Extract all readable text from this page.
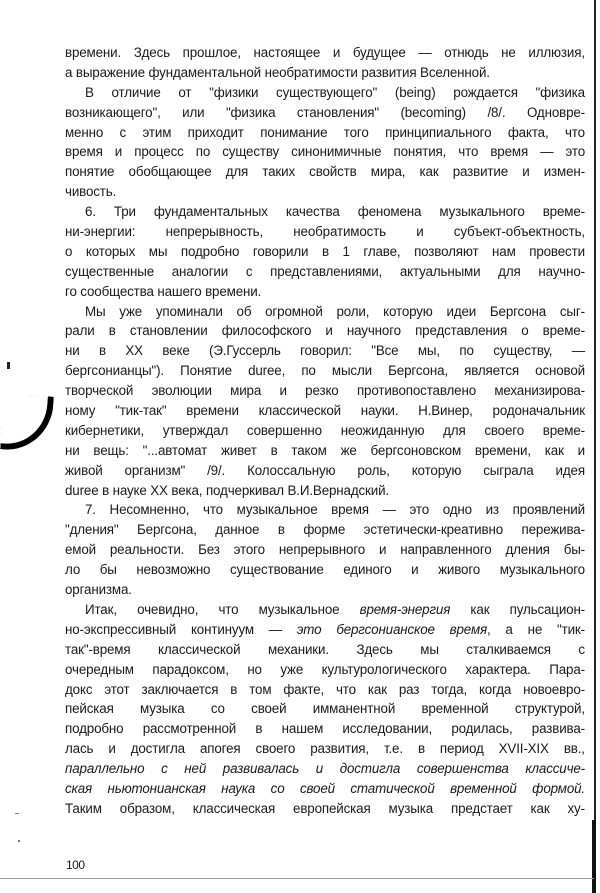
времени. Здесь прошлое, настоящее и будущее — отнюдь не иллюзия,
а выражение фундаментальной необратимости развития Вселенной.
В отличие от "физики существующего" (being) рождается "физика
возникающего", или "физика становления" (becoming) /8/. Одновре-
менно с этим приходит понимание того принципиального факта, что
время и процесс по существу синонимичные понятия, что время — это
понятие обобщающее для таких свойств мира, как развитие и измен-
чивость.
6. Три фундаментальных качества феномена музыкального време-
ни-энергии: непрерывность, необратимость и субъект-объектность,
о которых мы подробно говорили в 1 главе, позволяют нам провести
существенные аналогии с представлениями, актуальными для научно-
го сообщества нашего времени.
Мы уже упоминали об огромной роли, которую идеи Бергсона сыг-
рали в становлении философского и научного представления о време-
ни в XX веке (Э.Гуссерль говорил: "Все мы, по существу, —
бергсонианцы"). Понятие duree, по мысли Бергсона, является основой
творческой эволюции мира и резко противопоставлено механизирова-
ному "тик-так" времени классической науки. Н.Винер, родоначальник
кибернетики, утверждал совершенно неожиданную для своего време-
ни вещь: "...автомат живет в таком же бергсоновском времени, как и
живой организм" /9/. Колоссальную роль, которую сыграла идея
duree в науке XX века, подчеркивал В.И.Вернадский.
7. Несомненно, что музыкальное время — это одно из проявлений
"дления" Бергсона, данное в форме эстетически-креативно пережива-
емой реальности. Без этого непрерывного и направленного дления бы-
ло бы невозможно существование единого и живого музыкального
организма.
Итак, очевидно, что музыкальное время-энергия как пульсацион-
но-экспрессивный континуум — это бергсонианское время, а не "тик-
так"-время классической механики. Здесь мы сталкиваемся с
очередным парадоксом, но уже культурологического характера. Пара-
докс этот заключается в том факте, что как раз тогда, когда новоевро-
пейская музыка со своей имманентной временной структурой,
подробно рассмотренной в нашем исследовании, родилась, развива-
лась и достигла апогея своего развития, т.е. в период XVII-XIX вв.,
параллельно с ней развивалась и достигла совершенства классиче-
ская ньютонианская наука со своей статической временной формой.
Таким образом, классическая европейская музыка предстает как ху-
100
